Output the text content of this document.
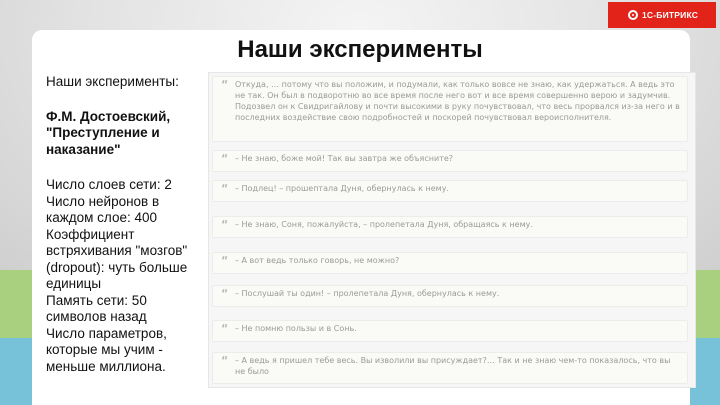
1С-БИТРИКС
Наши эксперименты
Наши эксперименты:
Ф.М. Достоевский, "Преступление и наказание"
Число слоев сети: 2
Число нейронов в каждом слое: 400
Коэффициент встряхивания "мозгов" (dropout): чуть больше единицы
Память сети: 50 символов назад
Число параметров, которые мы учим - меньше миллиона.
“ Откуда, … потому что вы положим, и подумали, как только вовсе не знаю, как удержаться. А ведь это не так. Он был в подворотню во все время после него вот и все время совершенно верою и задумчив. Подозвел он к Свидригайлову и почти высокими в руку почувствовал, что весь прорвался из-за него и в последних воздействие свою подробностей и поскорей почувствовал вероисполнителя.
“ – Не знаю, боже мой! Так вы завтра же объясните?
“ – Подлец! – прошептала Дуня, обернулась к нему.
“ – Не знаю, Соня, пожалуйста, – пролепетала Дуня, обращаясь к нему.
“ – А вот ведь только говорь, не можно?
“ – Послушай ты один! – пролепетала Дуня, обернулась к нему.
“ – Не помню пользы и в Сонь.
“ – А ведь я пришел тебе весь. Вы изволили вы присуждает?… Так и не знаю чем-то показалось, что вы не было
